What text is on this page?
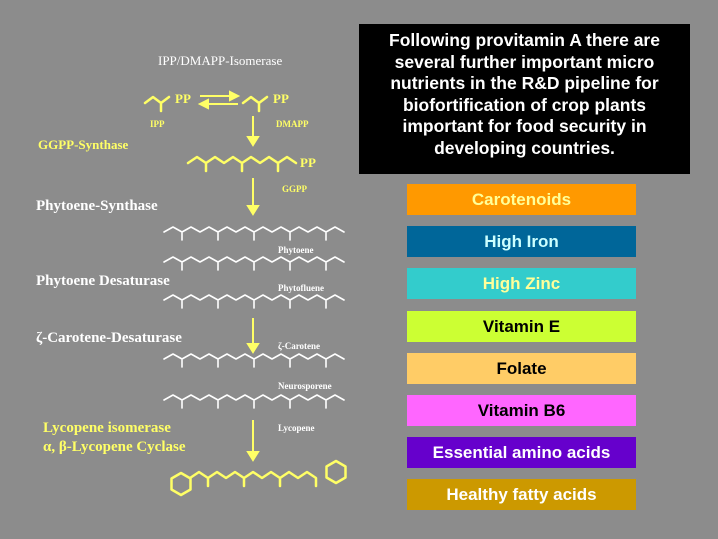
IPP/DMAPP-Isomerase
PP	PP
IPP	DMAPP
GGPP-Synthase
PP
GGPP
Phytoene-Synthase
Phytoene
Phytoene Desaturase	Phytofluene
ζ-Carotene-Desaturase	ζ-Carotene
Neurosporene
Lycopene isomerase
α, β-Lycopene Cyclase
Lycopene
Following provitamin A there are several further important micro nutrients in the R&D pipeline for biofortification of crop plants important for food security in developing countries.
Carotenoids
High Iron
High Zinc
Vitamin E
Folate
Vitamin B6
Essential amino acids
Healthy fatty acids
